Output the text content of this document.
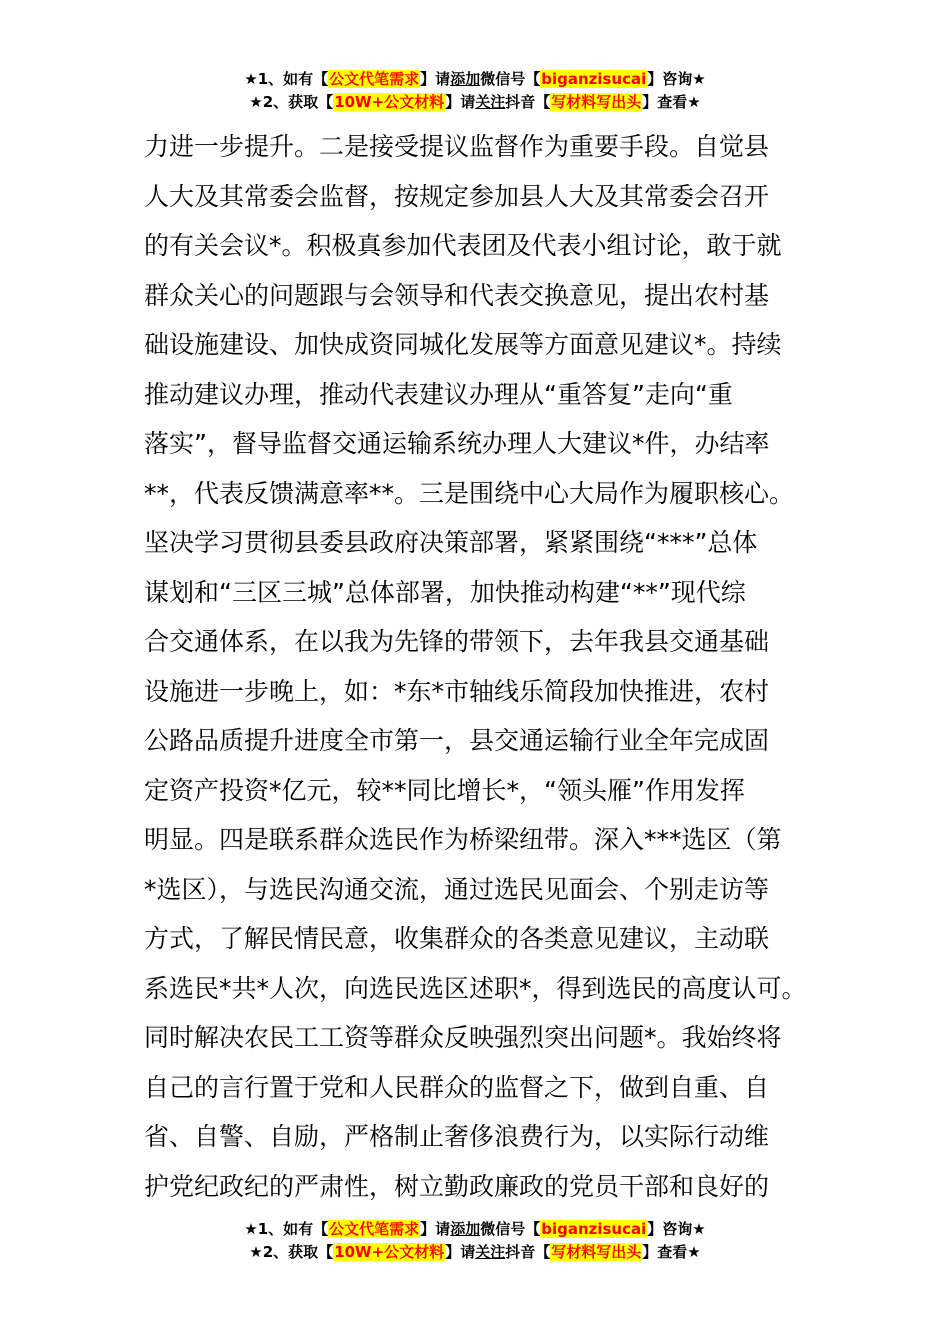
★1、如有【公文代笔需求】请添加微信号【biganzisucai】咨询★
★2、获取【10W+公文材料】请关注抖音【写材料写出头】查看★
力进一步提升。二是接受提议监督作为重要手段。自觉县
人大及其常委会监督，按规定参加县人大及其常委会召开
的有关会议*。积极真参加代表团及代表小组讨论，敢于就
群众关心的问题跟与会领导和代表交换意见，提出农村基
础设施建设、加快成资同城化发展等方面意见建议*。持续
推动建议办理，推动代表建议办理从“重答复”走向“重
落实”，督导监督交通运输系统办理人大建议*件，办结率
**，代表反馈满意率**。三是围绕中心大局作为履职核心。
坚决学习贯彻县委县政府决策部署，紧紧围绕“***”总体
谋划和“三区三城”总体部署，加快推动构建“**”现代综
合交通体系，在以我为先锋的带领下，去年我县交通基础
设施进一步晚上，如：*东*市轴线乐简段加快推进，农村
公路品质提升进度全市第一，县交通运输行业全年完成固
定资产投资*亿元，较**同比增长*，“领头雁”作用发挥
明显。四是联系群众选民作为桥梁纽带。深入***选区（第
*选区），与选民沟通交流，通过选民见面会、个别走访等
方式，了解民情民意，收集群众的各类意见建议，主动联
系选民*共*人次，向选民选区述职*，得到选民的高度认可。
同时解决农民工工资等群众反映强烈突出问题*。我始终将
自己的言行置于党和人民群众的监督之下，做到自重、自
省、自警、自励，严格制止奢侈浪费行为，以实际行动维
护党纪政纪的严肃性，树立勤政廉政的党员干部和良好的
★1、如有【公文代笔需求】请添加微信号【biganzisucai】咨询★
★2、获取【10W+公文材料】请关注抖音【写材料写出头】查看★
